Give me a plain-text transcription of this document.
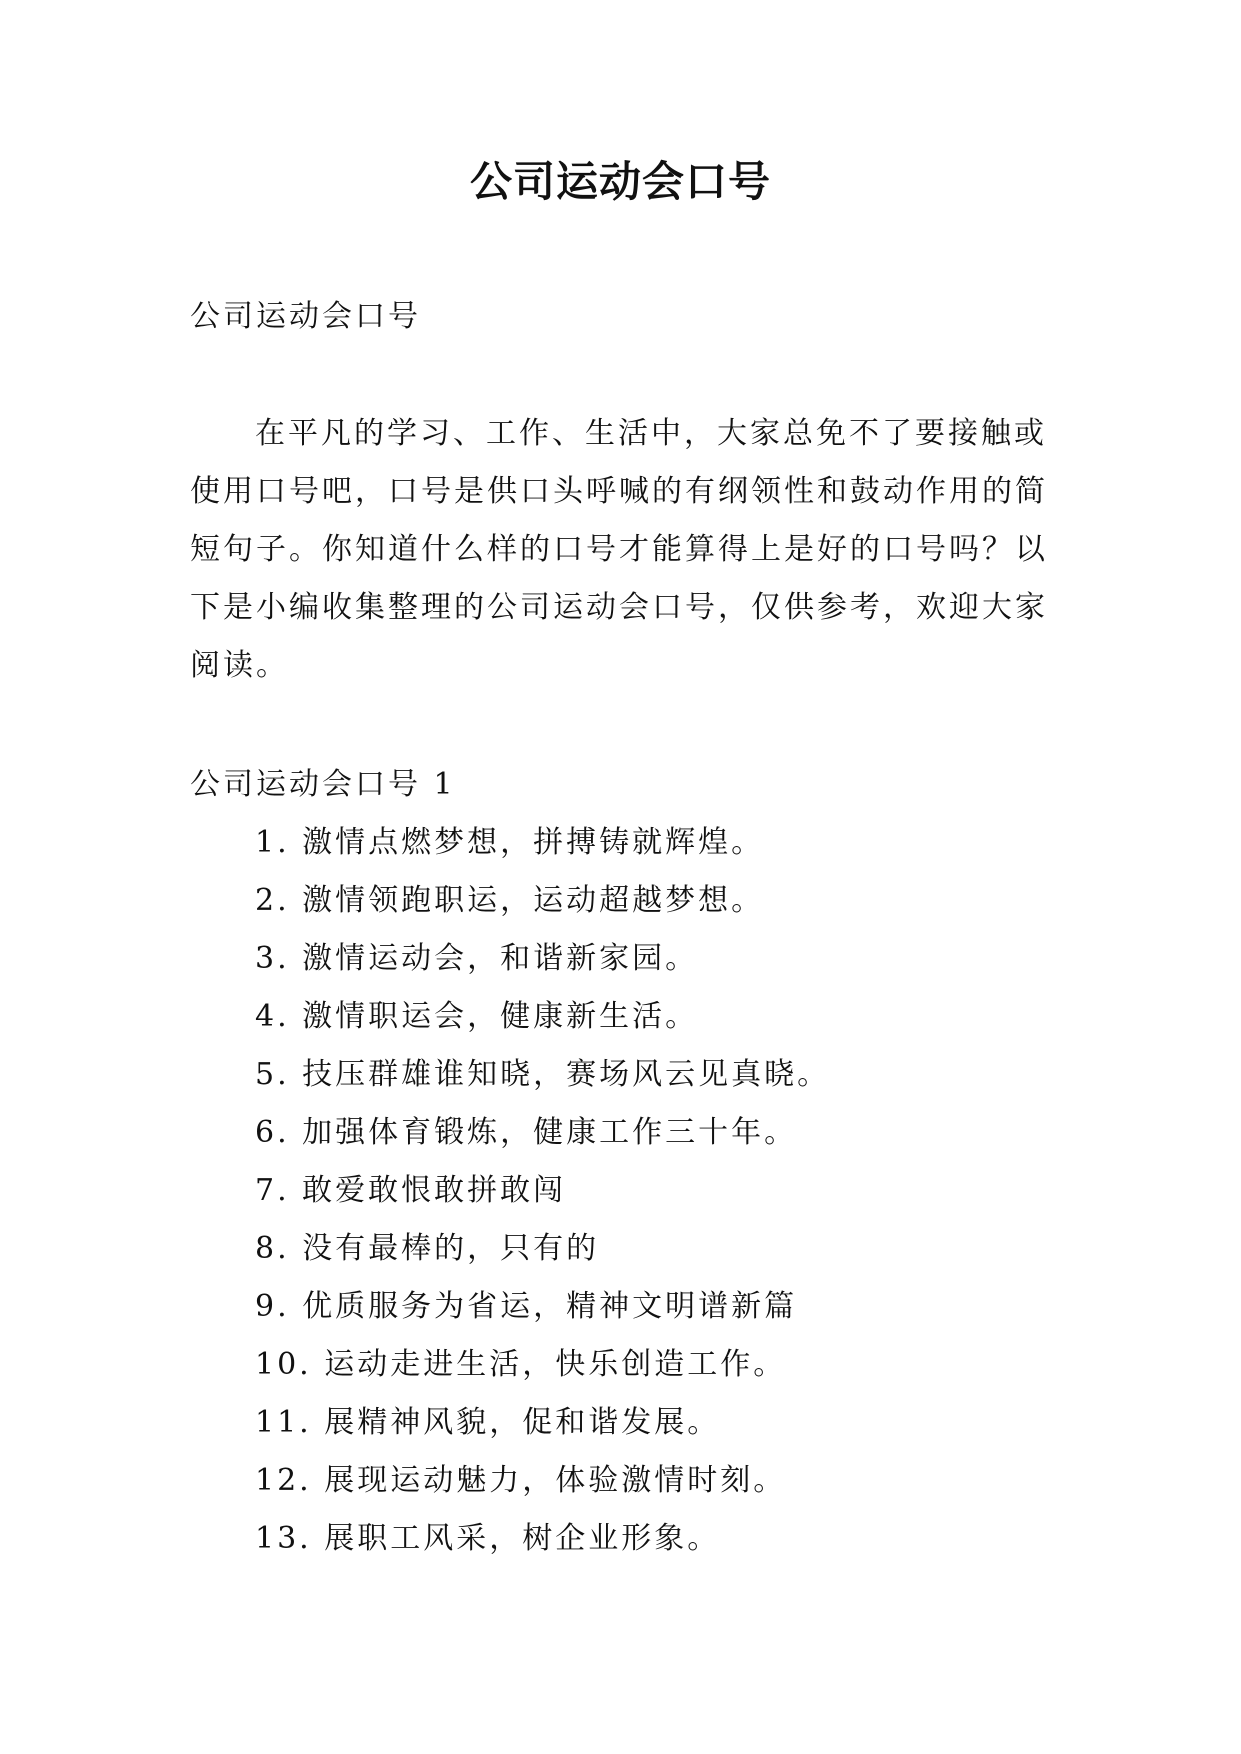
公司运动会口号
公司运动会口号
在平凡的学习、工作、生活中，大家总免不了要接触或使用口号吧，口号是供口头呼喊的有纲领性和鼓动作用的简短句子。你知道什么样的口号才能算得上是好的口号吗？以下是小编收集整理的公司运动会口号，仅供参考，欢迎大家阅读。
公司运动会口号 1
1. 激情点燃梦想，拼搏铸就辉煌。
2. 激情领跑职运，运动超越梦想。
3. 激情运动会，和谐新家园。
4. 激情职运会，健康新生活。
5. 技压群雄谁知晓，赛场风云见真晓。
6. 加强体育锻炼，健康工作三十年。
7. 敢爱敢恨敢拼敢闯
8. 没有最棒的，只有的
9. 优质服务为省运，精神文明谱新篇
10. 运动走进生活，快乐创造工作。
11. 展精神风貌，促和谐发展。
12. 展现运动魅力，体验激情时刻。
13. 展职工风采，树企业形象。
